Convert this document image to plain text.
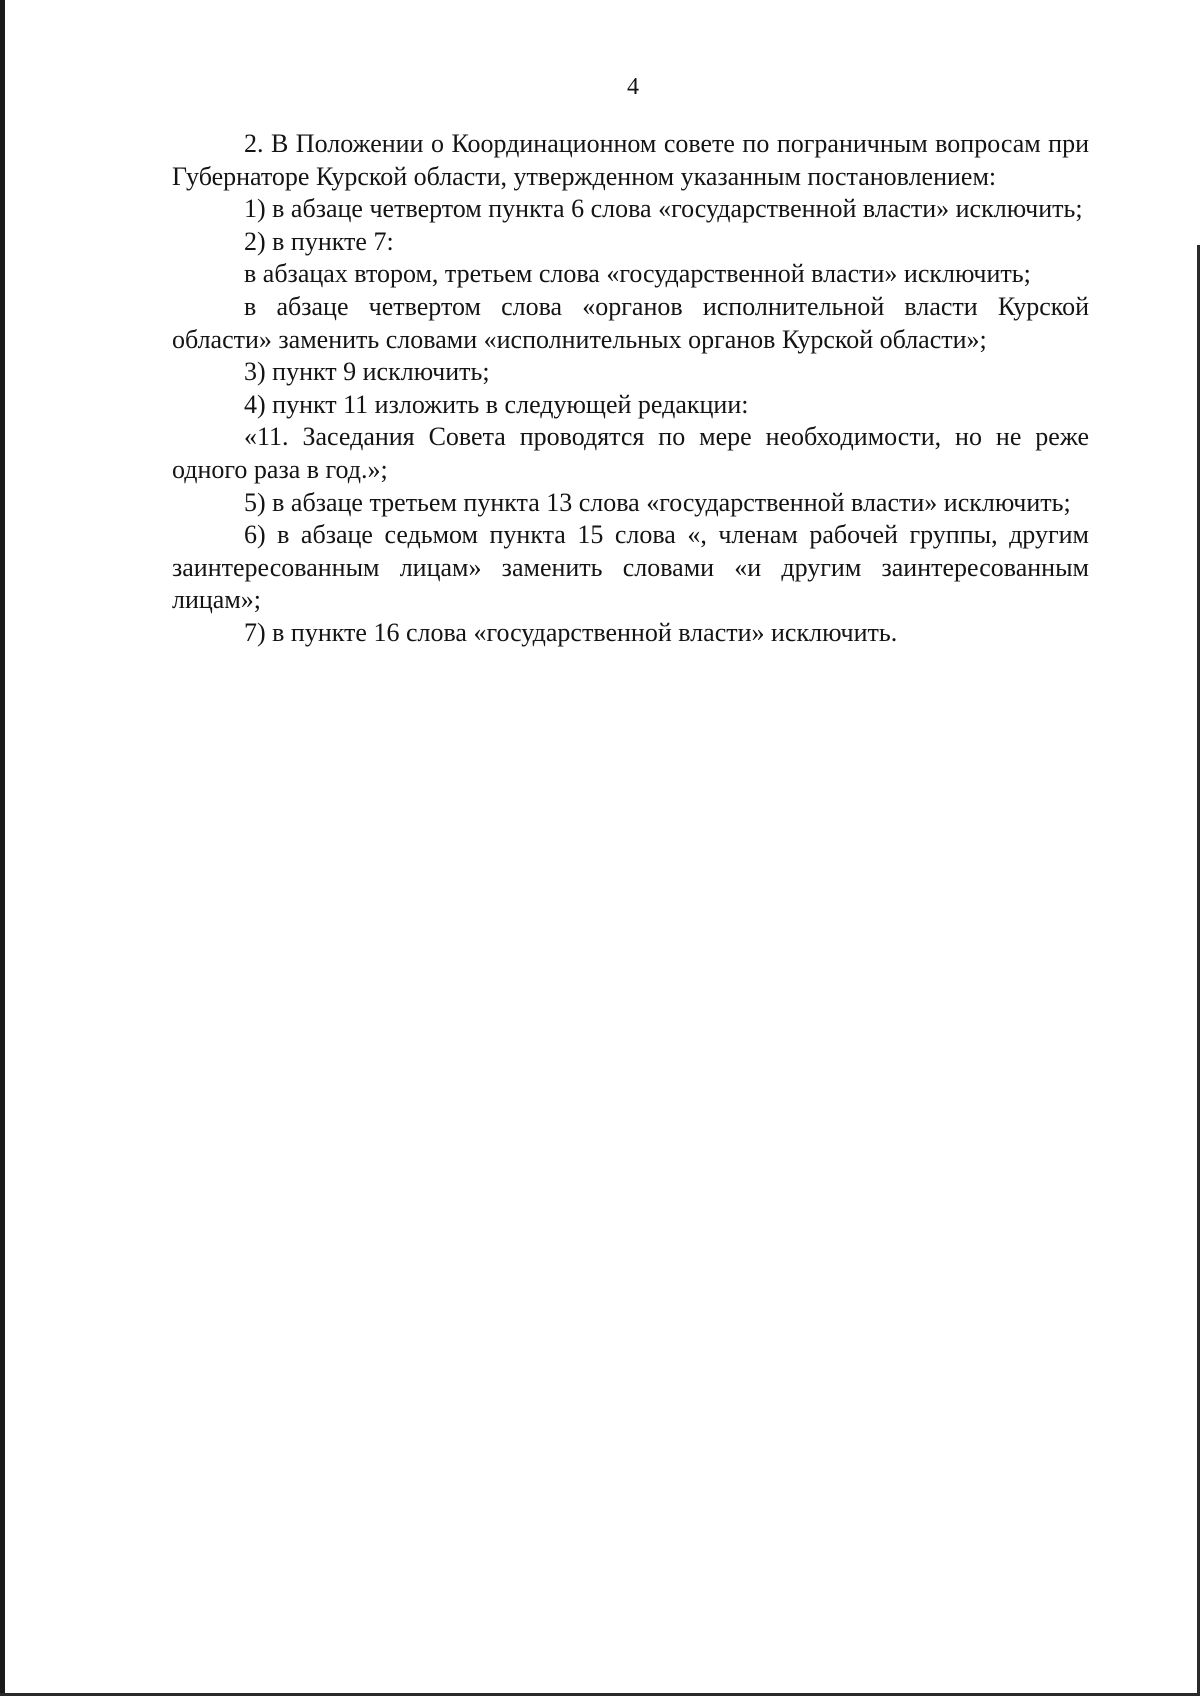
4

2. В Положении о Координационном совете по пограничным вопросам при Губернаторе Курской области, утвержденном указанным постановлением:

1) в абзаце четвертом пункта 6 слова «государственной власти» исключить;

2) в пункте 7:

в абзацах втором, третьем слова «государственной власти» исключить;

в абзаце четвертом слова «органов исполнительной власти Курской области» заменить словами «исполнительных органов Курской области»;

3) пункт 9 исключить;

4) пункт 11 изложить в следующей редакции:

«11. Заседания Совета проводятся по мере необходимости, но не реже одного раза в год.»;

5) в абзаце третьем пункта 13 слова «государственной власти» исключить;

6) в абзаце седьмом пункта 15 слова «, членам рабочей группы, другим заинтересованным лицам» заменить словами «и другим заинтересованным лицам»;

7) в пункте 16 слова «государственной власти» исключить.
